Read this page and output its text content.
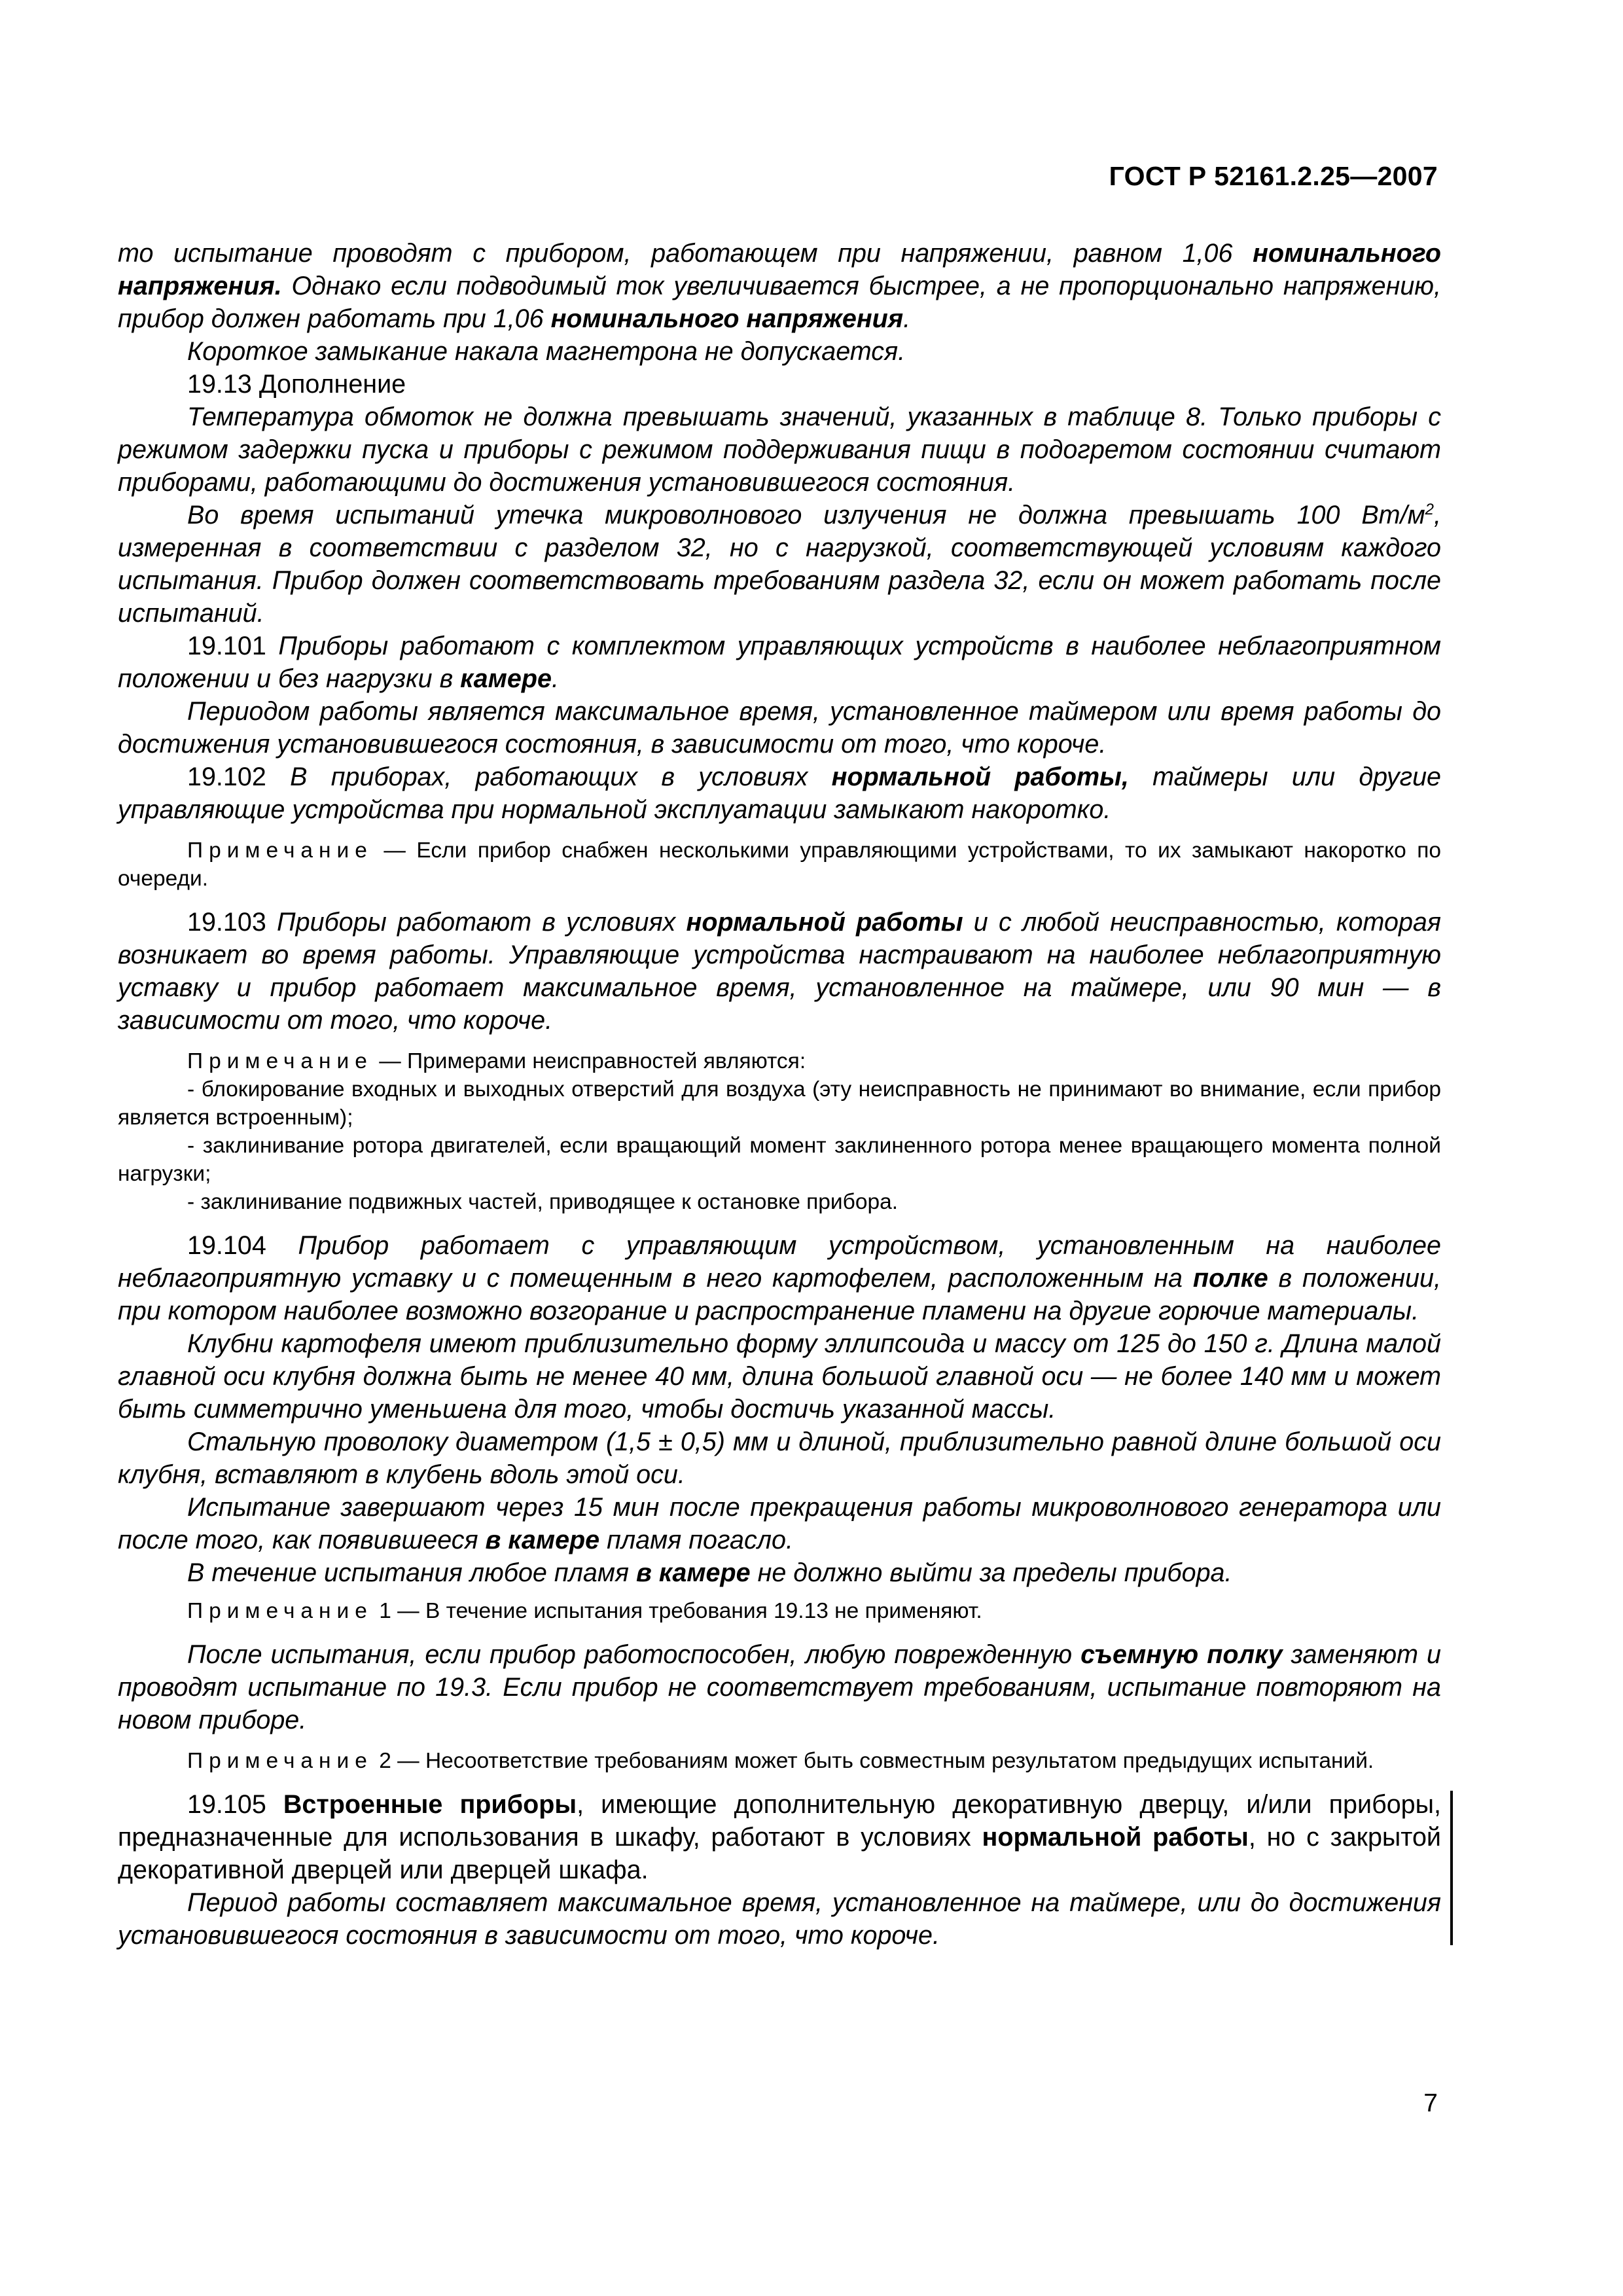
ГОСТ Р 52161.2.25—2007

то испытание проводят с прибором, работающем при напряжении, равном 1,06 номинального напряжения. Однако если подводимый ток увеличивается быстрее, а не пропорционально напряжению, прибор должен работать при 1,06 номинального напряжения.

Короткое замыкание накала магнетрона не допускается.

19.13 Дополнение

Температура обмоток не должна превышать значений, указанных в таблице 8. Только приборы с режимом задержки пуска и приборы с режимом поддерживания пищи в подогретом состоянии считают приборами, работающими до достижения установившегося состояния.

Во время испытаний утечка микроволнового излучения не должна превышать 100 $Вт/м^2$, измеренная в соответствии с разделом 32, но с нагрузкой, соответствующей условиям каждого испытания. Прибор должен соответствовать требованиям раздела 32, если он может работать после испытаний.

19.101 Приборы работают с комплектом управляющих устройств в наиболее неблагоприятном положении и без нагрузки в камере.

Периодом работы является максимальное время, установленное таймером или время работы до достижения установившегося состояния, в зависимости от того, что короче.

19.102 В приборах, работающих в условиях нормальной работы, таймеры или другие управляющие устройства при нормальной эксплуатации замыкают накоротко.

Примечание — Если прибор снабжен несколькими управляющими устройствами, то их замыкают накоротко по очереди.

19.103 Приборы работают в условиях нормальной работы и с любой неисправностью, которая возникает во время работы. Управляющие устройства настраивают на наиболее неблагоприятную уставку и прибор работает максимальное время, установленное на таймере, или 90 мин — в зависимости от того, что короче.

Примечание — Примерами неисправностей являются:

- блокирование входных и выходных отверстий для воздуха (эту неисправность не принимают во внимание, если прибор является встроенным);

- заклинивание ротора двигателей, если вращающий момент заклиненного ротора менее вращающего момента полной нагрузки;

- заклинивание подвижных частей, приводящее к остановке прибора.

19.104 Прибор работает с управляющим устройством, установленным на наиболее неблагоприятную уставку и с помещенным в него картофелем, расположенным на полке в положении, при котором наиболее возможно возгорание и распространение пламени на другие горючие материалы.

Клубни картофеля имеют приблизительно форму эллипсоида и массу от 125 до 150 г. Длина малой главной оси клубня должна быть не менее 40 мм, длина большой главной оси — не более 140 мм и может быть симметрично уменьшена для того, чтобы достичь указанной массы.

Стальную проволоку диаметром (1,5 ± 0,5) мм и длиной, приблизительно равной длине большой оси клубня, вставляют в клубень вдоль этой оси.

Испытание завершают через 15 мин после прекращения работы микроволнового генератора или после того, как появившееся в камере пламя погасло.

В течение испытания любое пламя в камере не должно выйти за пределы прибора.

Примечание 1 — В течение испытания требования 19.13 не применяют.

После испытания, если прибор работоспособен, любую поврежденную съемную полку заменяют и проводят испытание по 19.3. Если прибор не соответствует требованиям, испытание повторяют на новом приборе.

Примечание 2 — Несоответствие требованиям может быть совместным результатом предыдущих испытаний.

19.105 Встроенные приборы, имеющие дополнительную декоративную дверцу, и/или приборы, предназначенные для использования в шкафу, работают в условиях нормальной работы, но с закрытой декоративной дверцей или дверцей шкафа.

Период работы составляет максимальное время, установленное на таймере, или до достижения установившегося состояния в зависимости от того, что короче.

7
